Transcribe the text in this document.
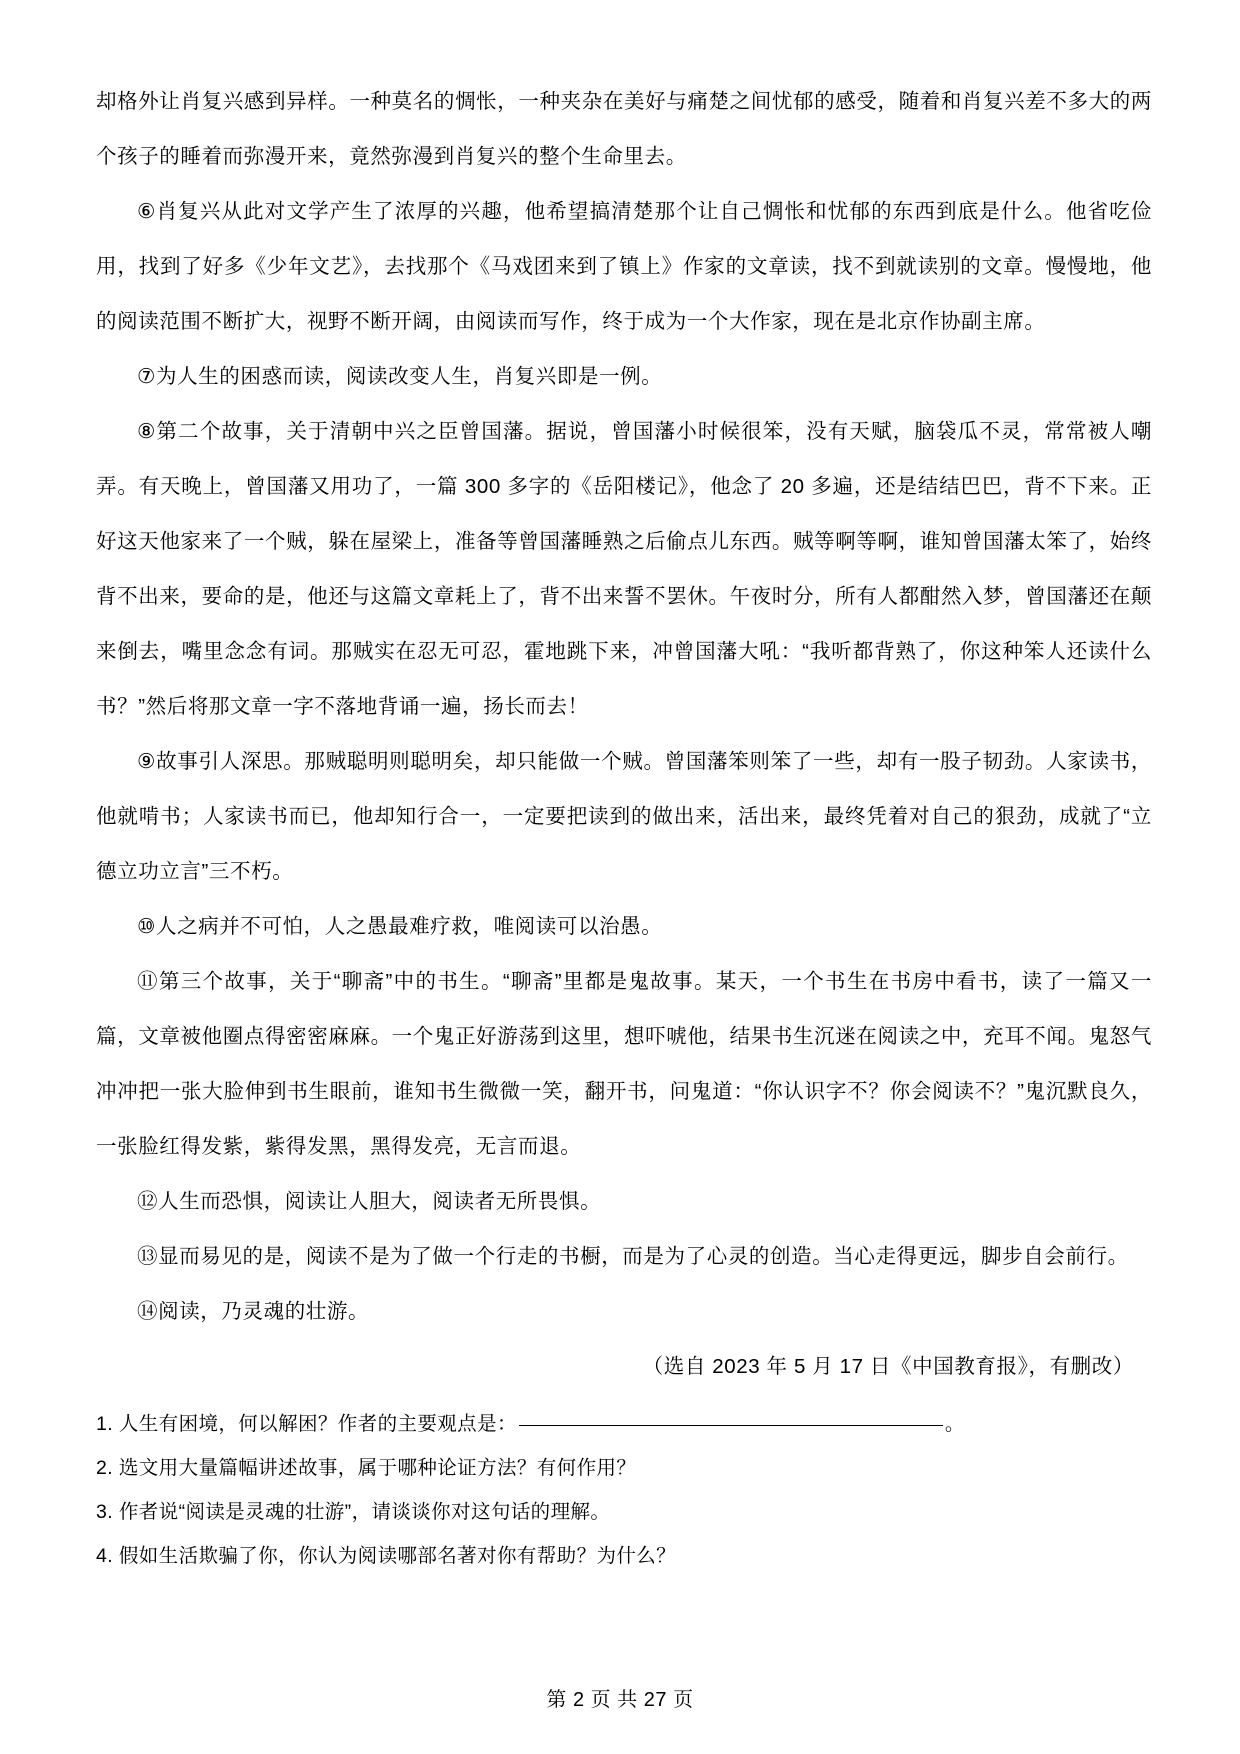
却格外让肖复兴感到异样。一种莫名的惆怅，一种夹杂在美好与痛楚之间忧郁的感受，随着和肖复兴差不多大的两个孩子的睡着而弥漫开来，竟然弥漫到肖复兴的整个生命里去。

⑥肖复兴从此对文学产生了浓厚的兴趣，他希望搞清楚那个让自己惆怅和忧郁的东西到底是什么。他省吃俭用，找到了好多《少年文艺》，去找那个《马戏团来到了镇上》作家的文章读，找不到就读别的文章。慢慢地，他的阅读范围不断扩大，视野不断开阔，由阅读而写作，终于成为一个大作家，现在是北京作协副主席。

⑦为人生的困惑而读，阅读改变人生，肖复兴即是一例。

⑧第二个故事，关于清朝中兴之臣曾国藩。据说，曾国藩小时候很笨，没有天赋，脑袋瓜不灵，常常被人嘲弄。有天晚上，曾国藩又用功了，一篇 300 多字的《岳阳楼记》，他念了 20 多遍，还是结结巴巴，背不下来。正好这天他家来了一个贼，躲在屋梁上，准备等曾国藩睡熟之后偷点儿东西。贼等啊等啊，谁知曾国藩太笨了，始终背不出来，要命的是，他还与这篇文章耗上了，背不出来誓不罢休。午夜时分，所有人都酣然入梦，曾国藩还在颠来倒去，嘴里念念有词。那贼实在忍无可忍，霍地跳下来，冲曾国藩大吼：“我听都背熟了，你这种笨人还读什么书？”然后将那文章一字不落地背诵一遍，扬长而去！

⑨故事引人深思。那贼聪明则聪明矣，却只能做一个贼。曾国藩笨则笨了一些，却有一股子韧劲。人家读书，他就啃书；人家读书而已，他却知行合一，一定要把读到的做出来，活出来，最终凭着对自己的狠劲，成就了“立德立功立言”三不朽。

⑩人之病并不可怕，人之愚最难疗救，唯阅读可以治愚。

⑪第三个故事，关于“聊斋”中的书生。“聊斋”里都是鬼故事。某天，一个书生在书房中看书，读了一篇又一篇，文章被他圈点得密密麻麻。一个鬼正好游荡到这里，想吓唬他，结果书生沉迷在阅读之中，充耳不闻。鬼怒气冲冲把一张大脸伸到书生眼前，谁知书生微微一笑，翻开书，问鬼道：“你认识字不？你会阅读不？”鬼沉默良久，一张脸红得发紫，紫得发黑，黑得发亮，无言而退。

⑫人生而恐惧，阅读让人胆大，阅读者无所畏惧。

⑬显而易见的是，阅读不是为了做一个行走的书橱，而是为了心灵的创造。当心走得更远，脚步自会前行。

⑭阅读，乃灵魂的壮游。

（选自 2023 年 5 月 17 日《中国教育报》，有删改）

1. 人生有困境，何以解困？作者的主要观点是：	。

2. 选文用大量篇幅讲述故事，属于哪种论证方法？有何作用？

3. 作者说“阅读是灵魂的壮游”，请谈谈你对这句话的理解。

4. 假如生活欺骗了你，你认为阅读哪部名著对你有帮助？为什么？

第 2 页 共 27 页
